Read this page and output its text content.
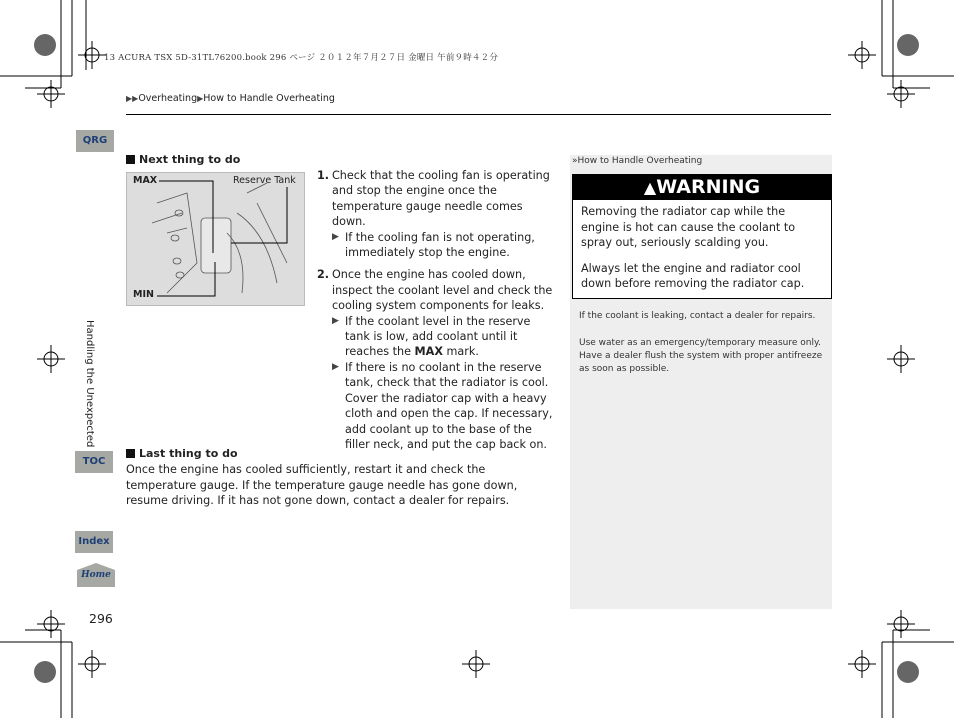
13 ACURA TSX 5D-31TL76200.book 296 ページ ２０１２年７月２７日 金曜日 午前９時４２分
▶▶Overheating▶How to Handle Overheating
QRG
Handling the Unexpected
TOC
Index
Home
Next thing to do
MAX	Reserve Tank
MIN
1. Check that the cooling fan is operating and stop the engine once the temperature gauge needle comes down.
▶ If the cooling fan is not operating, immediately stop the engine.
2. Once the engine has cooled down, inspect the coolant level and check the cooling system components for leaks.
▶ If the coolant level in the reserve tank is low, add coolant until it reaches the MAX mark.
▶ If there is no coolant in the reserve tank, check that the radiator is cool. Cover the radiator cap with a heavy cloth and open the cap. If necessary, add coolant up to the base of the filler neck, and put the cap back on.
Last thing to do
Once the engine has cooled sufficiently, restart it and check the temperature gauge. If the temperature gauge needle has gone down, resume driving. If it has not gone down, contact a dealer for repairs.
»How to Handle Overheating
▲WARNING

Removing the radiator cap while the engine is hot can cause the coolant to spray out, seriously scalding you.

Always let the engine and radiator cool down before removing the radiator cap.

If the coolant is leaking, contact a dealer for repairs.
Use water as an emergency/temporary measure only. Have a dealer flush the system with proper antifreeze as soon as possible.
296
